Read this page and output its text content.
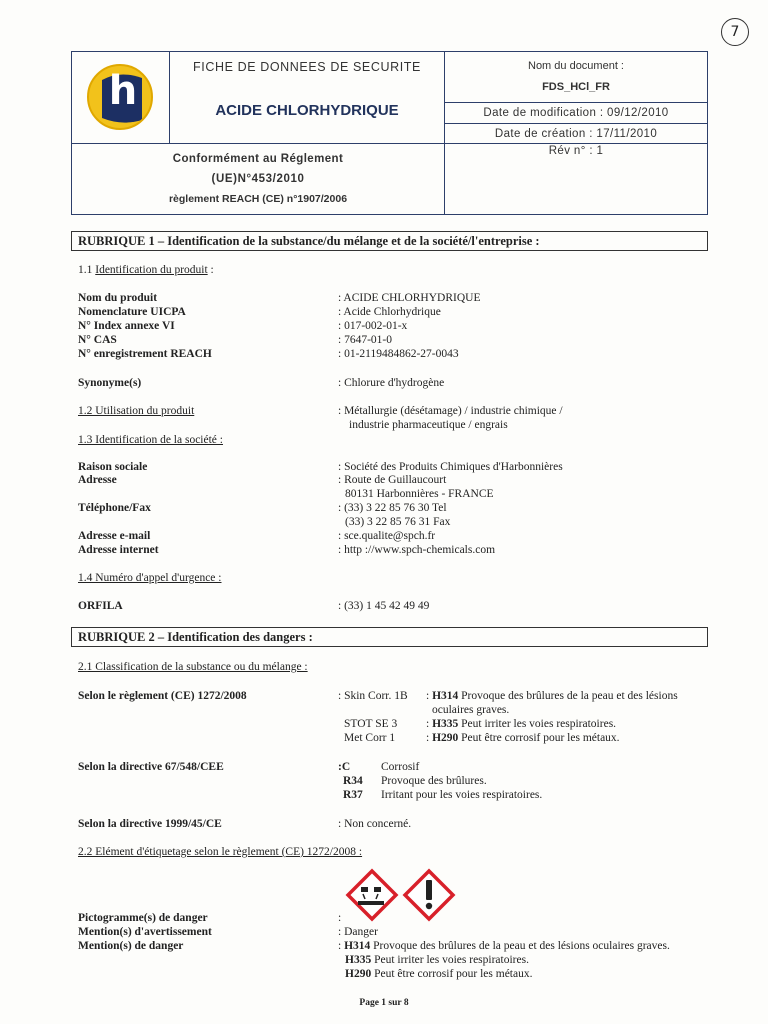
7
h
FICHE DE DONNEES DE SECURITE
ACIDE CHLORHYDRIQUE
Conformément au Réglement
(UE)N°453/2010
règlement REACH (CE) n°1907/2006
Nom du document :
FDS_HCl_FR
Date de modification : 09/12/2010
Date de création : 17/11/2010
Rév n° : 1
RUBRIQUE 1 – Identification de la substance/du mélange et de la société/l'entreprise :
1.1 Identification du produit :
Nom du produit	: ACIDE CHLORHYDRIQUE
Nomenclature UICPA	: Acide Chlorhydrique
N° Index annexe VI	: 017-002-01-x
N° CAS	: 7647-01-0
N° enregistrement REACH	: 01-2119484862-27-0043
Synonyme(s)	: Chlorure d'hydrogène
1.2 Utilisation du produit	: Métallurgie (désétamage) / industrie chimique /
industrie pharmaceutique / engrais
1.3 Identification de la société :
Raison sociale	: Société des Produits Chimiques d'Harbonnières
Adresse	: Route de Guillaucourt
80131 Harbonnières - FRANCE
Téléphone/Fax	: (33) 3 22 85 76 30 Tel
(33) 3 22 85 76 31 Fax
Adresse e-mail	: sce.qualite@spch.fr
Adresse internet	: http ://www.spch-chemicals.com
1.4 Numéro d'appel d'urgence :
ORFILA	: (33) 1 45 42 49 49
RUBRIQUE 2 – Identification des dangers :
2.1 Classification de la substance ou du mélange :
Selon le règlement (CE) 1272/2008	: Skin Corr. 1B : H314 Provoque des brûlures de la peau et des lésions
oculaires graves.
STOT SE 3 : H335 Peut irriter les voies respiratoires.
Met Corr 1	: H290 Peut être corrosif pour les métaux.
Selon la directive 67/548/CEE	:C	Corrosif
R34 Provoque des brûlures.
R37 Irritant pour les voies respiratoires.
Selon la directive 1999/45/CE	: Non concerné.
2.2 Elément d'étiquetage selon le règlement (CE) 1272/2008 :
Pictogramme(s) de danger	:
Mention(s) d'avertissement	: Danger
Mention(s) de danger	: H314 Provoque des brûlures de la peau et des lésions oculaires graves.
H335 Peut irriter les voies respiratoires.
H290 Peut être corrosif pour les métaux.
Page 1 sur 8
